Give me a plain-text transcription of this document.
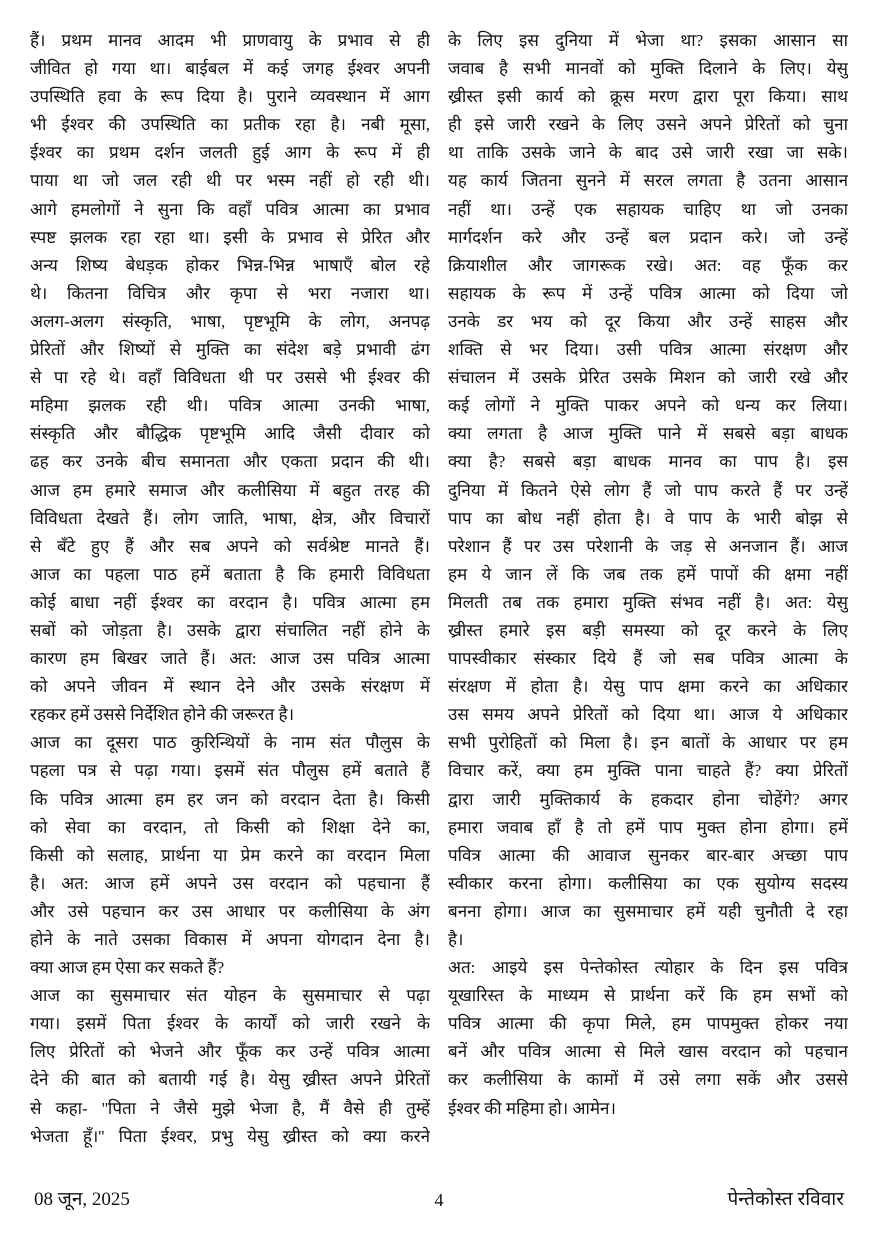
हैं। प्रथम मानव आदम भी प्राणवायु के प्रभाव से ही
जीवित हो गया था। बाईबल में कई जगह ईश्वर अपनी
उपस्थिति हवा के रूप दिया है। पुराने व्यवस्थान में आग
भी ईश्वर की उपस्थिति का प्रतीक रहा है। नबी मूसा,
ईश्वर का प्रथम दर्शन जलती हुई आग के रूप में ही
पाया था जो जल रही थी पर भस्म नहीं हो रही थी।
आगे हमलोगों ने सुना कि वहाँ पवित्र आत्मा का प्रभाव
स्पष्ट झलक रहा रहा था। इसी के प्रभाव से प्रेरित और
अन्य शिष्य बेधड़क होकर भिन्न-भिन्न भाषाएँ बोल रहे
थे। कितना विचित्र और कृपा से भरा नजारा था।
अलग-अलग संस्कृति, भाषा, पृष्टभूमि के लोग, अनपढ़
प्रेरितों और शिष्यों से मुक्ति का संदेश बड़े प्रभावी ढंग
से पा रहे थे। वहाँ विविधता थी पर उससे भी ईश्वर की
महिमा झलक रही थी। पवित्र आत्मा उनकी भाषा,
संस्कृति और बौद्धिक पृष्टभूमि आदि जैसी दीवार को
ढह कर उनके बीच समानता और एकता प्रदान की थी।
आज हम हमारे समाज और कलीसिया में बहुत तरह की
विविधता देखते हैं। लोग जाति, भाषा, क्षेत्र, और विचारों
से बँटे हुए हैं और सब अपने को सर्वश्रेष्ट मानते हैं।
आज का पहला पाठ हमें बताता है कि हमारी विविधता
कोई बाधा नहीं ईश्वर का वरदान है। पवित्र आत्मा हम
सबों को जोड़ता है। उसके द्वारा संचालित नहीं होने के
कारण हम बिखर जाते हैं। अत: आज उस पवित्र आत्मा
को अपने जीवन में स्थान देने और उसके संरक्षण में
रहकर हमें उससे निर्देशित होने की जरूरत है।
आज का दूसरा पाठ कुरिन्थियों के नाम संत पौलुस के
पहला पत्र से पढ़ा गया। इसमें संत पौलुस हमें बताते हैं
कि पवित्र आत्मा हम हर जन को वरदान देता है। किसी
को सेवा का वरदान, तो किसी को शिक्षा देने का,
किसी को सलाह, प्रार्थना या प्रेम करने का वरदान मिला
है। अत: आज हमें अपने उस वरदान को पहचाना हैं
और उसे पहचान कर उस आधार पर कलीसिया के अंग
होने के नाते उसका विकास में अपना योगदान देना है।
क्या आज हम ऐसा कर सकते हैं?
आज का सुसमाचार संत योहन के सुसमाचार से पढ़ा
गया। इसमें पिता ईश्वर के कार्यों को जारी रखने के
लिए प्रेरितों को भेजने और फूँक कर उन्हें पवित्र आत्मा
देने की बात को बतायी गई है। येसु ख्रीस्त अपने प्रेरितों
से कहा- ''पिता ने जैसे मुझे भेजा है, मैं वैसे ही तुम्हें
भेजता हूँ।'' पिता ईश्वर, प्रभु येसु ख्रीस्त को क्या करने
के लिए इस दुनिया में भेजा था? इसका आसान सा
जवाब है सभी मानवों को मुक्ति दिलाने के लिए। येसु
ख्रीस्त इसी कार्य को क्रूस मरण द्वारा पूरा किया। साथ
ही इसे जारी रखने के लिए उसने अपने प्रेरितों को चुना
था ताकि उसके जाने के बाद उसे जारी रखा जा सके।
यह कार्य जितना सुनने में सरल लगता है उतना आसान
नहीं था। उन्हें एक सहायक चाहिए था जो उनका
मार्गदर्शन करे और उन्हें बल प्रदान करे। जो उन्हें
क्रियाशील और जागरूक रखे। अत: वह फूँक कर
सहायक के रूप में उन्हें पवित्र आत्मा को दिया जो
उनके डर भय को दूर किया और उन्हें साहस और
शक्ति से भर दिया। उसी पवित्र आत्मा संरक्षण और
संचालन में उसके प्रेरित उसके मिशन को जारी रखे और
कई लोगों ने मुक्ति पाकर अपने को धन्य कर लिया।
क्या लगता है आज मुक्ति पाने में सबसे बड़ा बाधक
क्या है? सबसे बड़ा बाधक मानव का पाप है। इस
दुनिया में कितने ऐसे लोग हैं जो पाप करते हैं पर उन्हें
पाप का बोध नहीं होता है। वे पाप के भारी बोझ से
परेशान हैं पर उस परेशानी के जड़ से अनजान हैं। आज
हम ये जान लें कि जब तक हमें पापों की क्षमा नहीं
मिलती तब तक हमारा मुक्ति संभव नहीं है। अत: येसु
ख्रीस्त हमारे इस बड़ी समस्या को दूर करने के लिए
पापस्वीकार संस्कार दिये हैं जो सब पवित्र आत्मा के
संरक्षण में होता है। येसु पाप क्षमा करने का अधिकार
उस समय अपने प्रेरितों को दिया था। आज ये अधिकार
सभी पुरोहितों को मिला है। इन बातों के आधार पर हम
विचार करें, क्या हम मुक्ति पाना चाहते हैं? क्या प्रेरितों
द्वारा जारी मुक्तिकार्य के हकदार होना चोहेंगे? अगर
हमारा जवाब हाँ है तो हमें पाप मुक्त होना होगा। हमें
पवित्र आत्मा की आवाज सुनकर बार-बार अच्छा पाप
स्वीकार करना होगा। कलीसिया का एक सुयोग्य सदस्य
बनना होगा। आज का सुसमाचार हमें यही चुनौती दे रहा
है।
अत: आइये इस पेन्तेकोस्त त्योहार के दिन इस पवित्र
यूखारिस्त के माध्यम से प्रार्थना करें कि हम सभों को
पवित्र आत्मा की कृपा मिले, हम पापमुक्त होकर नया
बनें और पवित्र आत्मा से मिले खास वरदान को पहचान
कर कलीसिया के कामों में उसे लगा सकें और उससे
ईश्वर की महिमा हो। आमेन।
08 जून, 2025	4	पेन्तेकोस्त रविवार
